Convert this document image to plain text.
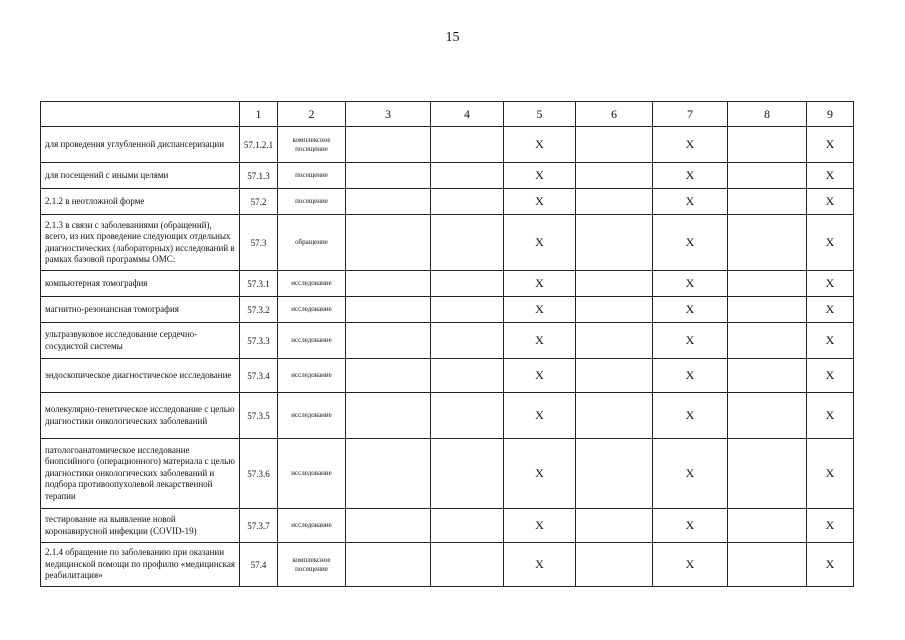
15
	1	2	3	4	5	6	7	8	9
для проведения углубленной диспансеризации	57.1.2.1	комплексное посещение			X		X		X
для посещений с иными целями	57.1.3	посещение			X		X		X
2.1.2 в неотложной форме	57.2	посещение			X		X		X
2.1.3 в связи с заболеваниями (обращений), всего, из них проведение следующих отдельных диагностических (лабораторных) исследований в рамках базовой программы ОМС:	57.3	обращение			X		X		X
компьютерная томография	57.3.1	исследование			X		X		X
магнитно-резонансная томография	57.3.2	исследование			X		X		X
ультразвуковое исследование сердечно-сосудистой системы	57.3.3	исследование			X		X		X
эндоскопическое диагностическое исследование	57.3.4	исследование			X		X		X
молекулярно-генетическое исследование с целью диагностики онкологических заболеваний	57.3.5	исследование			X		X		X
патологоанатомическое исследование биопсийного (операционного) материала с целью диагностики онкологических заболеваний и подбора противоопухолевой лекарственной терапии	57.3.6	исследование			X		X		X
тестирование на выявление новой коронавирусной инфекции (COVID-19)	57.3.7	исследование			X		X		X
2.1.4 обращение по заболеванию при оказании медицинской помощи по профилю «медицинская реабилитация»	57.4	комплексное посещение			X		X		X
